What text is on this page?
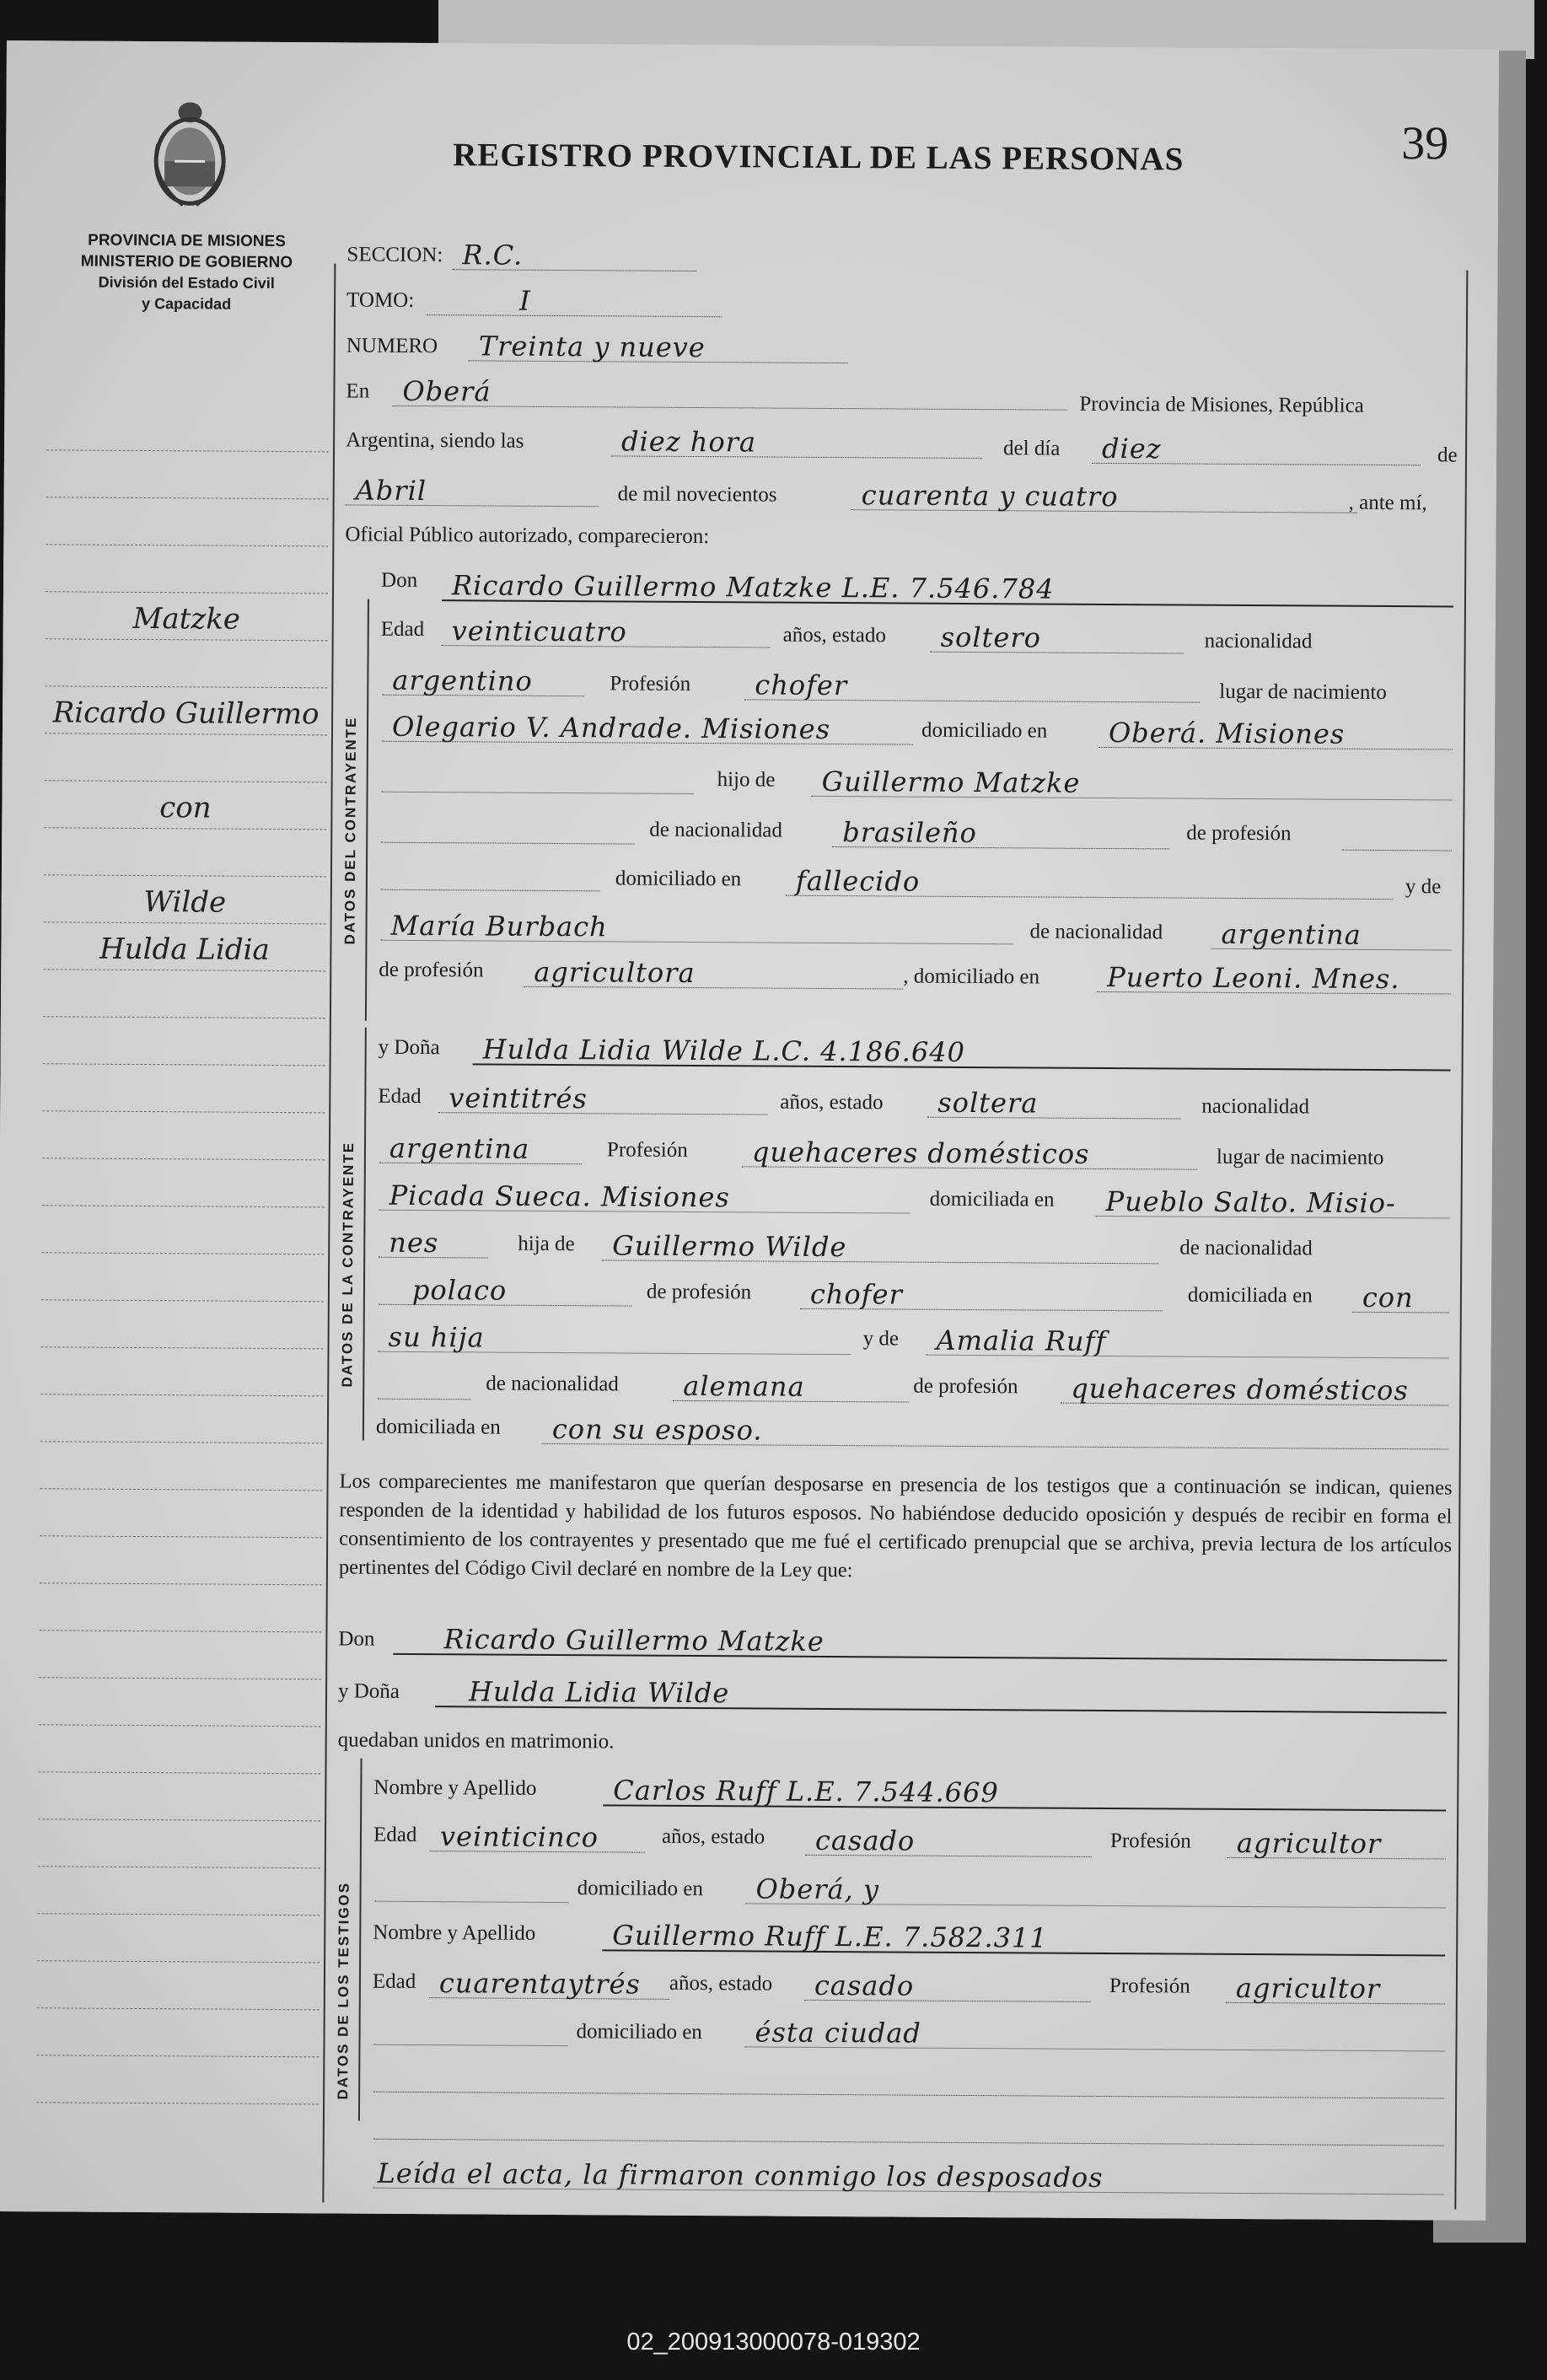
REGISTRO PROVINCIAL DE LAS PERSONAS	39
PROVINCIA DE MISIONES
MINISTERIO DE GOBIERNO
División del Estado Civil
y Capacidad
Matzke
Ricardo Guillermo
con
Wilde
Hulda Lidia
SECCION: R.C.
TOMO:	I
NUMERO Treinta y nueve
En Oberá	Provincia de Misiones, República
Argentina, siendo las	diez hora	del día diez	de
Abril	de mil novecientos	cuarenta y cuatro	, ante mí,
Oficial Público autorizado, comparecieron:
DATOS DEL CONTRAYENTE
Don Ricardo Guillermo Matzke L.E. 7.546.784
Edad veinticuatro	años, estado soltero	nacionalidad
argentino	Profesión chofer	lugar de nacimiento
Olegario V. Andrade. Misiones	domiciliado en Oberá. Misiones
hijo de Guillermo Matzke
de nacionalidad brasileño	de profesión
domiciliado en fallecido	y de
María Burbach	de nacionalidad argentina
de profesión agricultora	, domiciliado en	Puerto Leoni. Mnes.
DATOS DE LA CONTRAYENTE
y Doña Hulda Lidia Wilde L.C. 4.186.640
Edad veintitrés	años, estado soltera	nacionalidad
argentina	Profesión quehaceres domésticos	lugar de nacimiento
Picada Sueca. Misiones	domiciliada en Pueblo Salto. Misio-
nes	hija de Guillermo Wilde	de nacionalidad
polaco	de profesión chofer	domiciliada en con
su hija	y de Amalia Ruff
de nacionalidad alemana	de profesión quehaceres domésticos
domiciliada en con su esposo.
Los comparecientes me manifestaron que querían desposarse en presencia de los testigos que a continuación se indican, quienes responden de la identidad y habilidad de los futuros esposos. No habiéndose deducido oposición y después de recibir en forma el consentimiento de los contrayentes y presentado que me fué el certificado prenupcial que se archiva, previa lectura de los artículos pertinentes del Código Civil declaré en nombre de la Ley que:
Don	Ricardo Guillermo Matzke
y Doña	Hulda Lidia Wilde
quedaban unidos en matrimonio.
DATOS DE LOS TESTIGOS
Nombre y Apellido	Carlos Ruff L.E. 7.544.669
Edad veinticinco	años, estado casado	Profesión agricultor
domiciliado en Oberá, y
Nombre y Apellido	Guillermo Ruff L.E. 7.582.311
Edad cuarentaytrés años, estado casado	Profesión agricultor
domiciliado en ésta ciudad
Leída el acta, la firmaron conmigo los desposados
02_200913000078-019302
